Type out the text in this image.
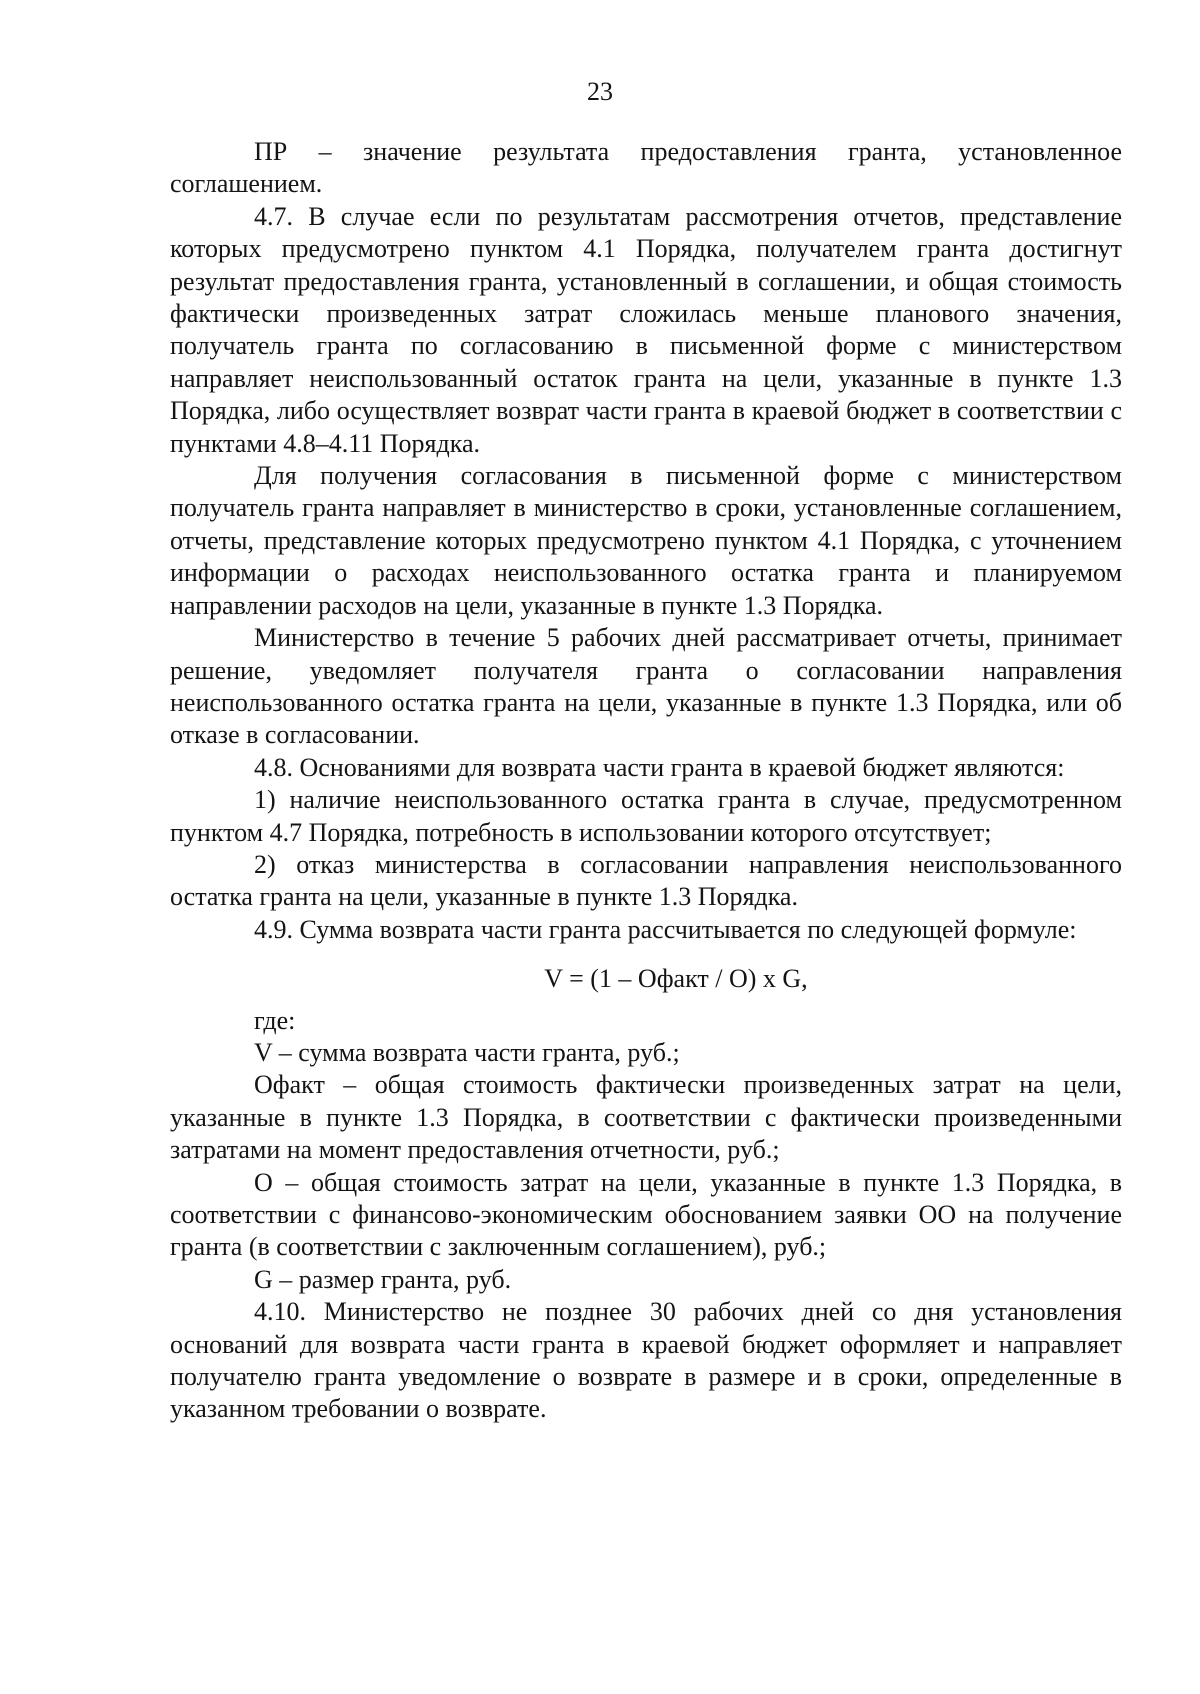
23

ПР – значение результата предоставления гранта, установленное соглашением.

4.7. В случае если по результатам рассмотрения отчетов, представление которых предусмотрено пунктом 4.1 Порядка, получателем гранта достигнут результат предоставления гранта, установленный в соглашении, и общая стоимость фактически произведенных затрат сложилась меньше планового значения, получатель гранта по согласованию в письменной форме с министерством направляет неиспользованный остаток гранта на цели, указанные в пункте 1.3 Порядка, либо осуществляет возврат части гранта в краевой бюджет в соответствии с пунктами 4.8–4.11 Порядка.

Для получения согласования в письменной форме с министерством получатель гранта направляет в министерство в сроки, установленные соглашением, отчеты, представление которых предусмотрено пунктом 4.1 Порядка, с уточнением информации о расходах неиспользованного остатка гранта и планируемом направлении расходов на цели, указанные в пункте 1.3 Порядка.

Министерство в течение 5 рабочих дней рассматривает отчеты, принимает решение, уведомляет получателя гранта о согласовании направления неиспользованного остатка гранта на цели, указанные в пункте 1.3 Порядка, или об отказе в согласовании.

4.8. Основаниями для возврата части гранта в краевой бюджет являются:

1) наличие неиспользованного остатка гранта в случае, предусмотренном пунктом 4.7 Порядка, потребность в использовании которого отсутствует;

2) отказ министерства в согласовании направления неиспользованного остатка гранта на цели, указанные в пункте 1.3 Порядка.

4.9. Сумма возврата части гранта рассчитывается по следующей формуле:

V = (1 – Офакт / О) x G,

где:

V – сумма возврата части гранта, руб.;

Офакт – общая стоимость фактически произведенных затрат на цели, указанные в пункте 1.3 Порядка, в соответствии с фактически произведенными затратами на момент предоставления отчетности, руб.;

О – общая стоимость затрат на цели, указанные в пункте 1.3 Порядка, в соответствии с финансово-экономическим обоснованием заявки ОО на получение гранта (в соответствии с заключенным соглашением), руб.;

G – размер гранта, руб.

4.10. Министерство не позднее 30 рабочих дней со дня установления оснований для возврата части гранта в краевой бюджет оформляет и направляет получателю гранта уведомление о возврате в размере и в сроки, определенные в указанном требовании о возврате.
